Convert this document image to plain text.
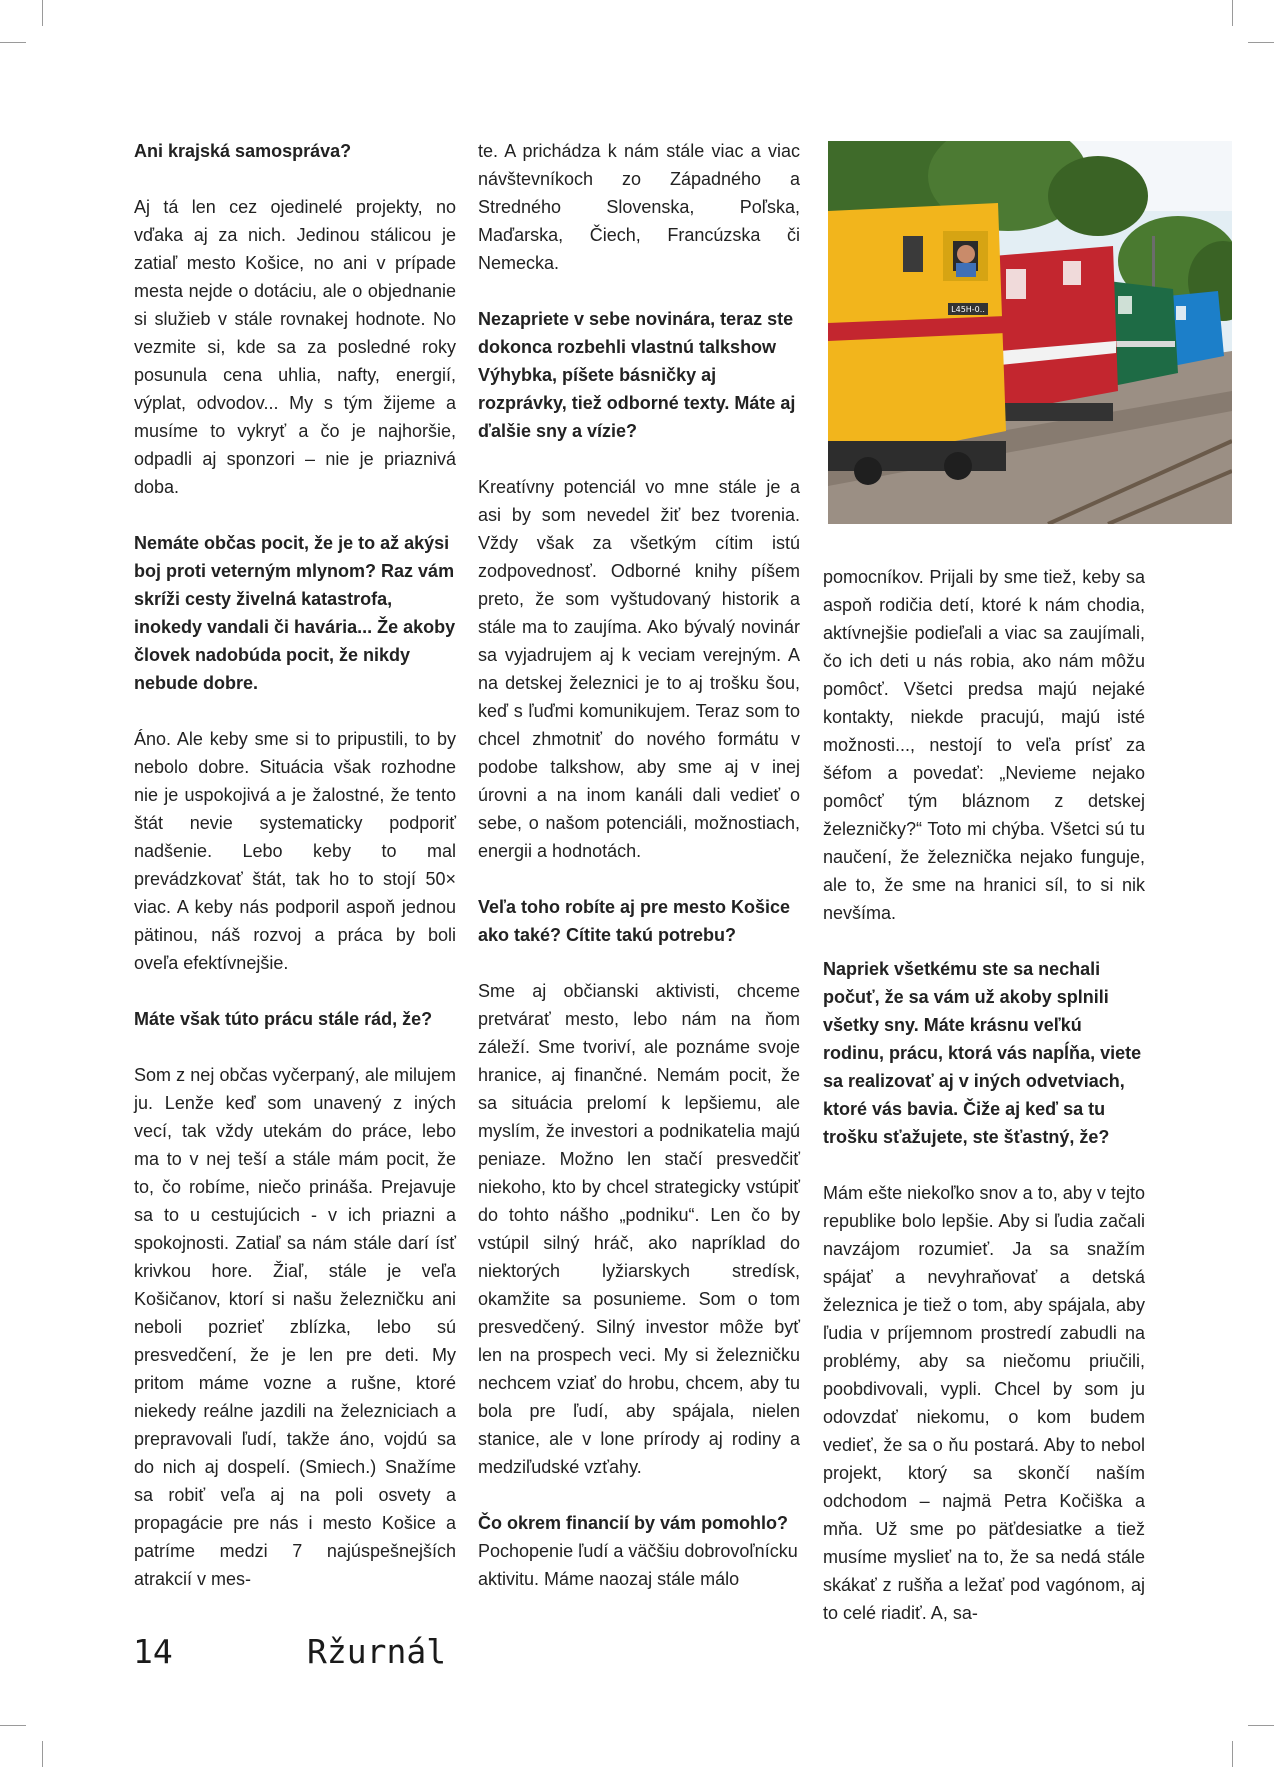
Ani krajská samospráva?

Aj tá len cez ojedinelé projekty, no vďaka aj za nich. Jedinou stálicou je zatiaľ mesto Košice, no ani v prípade mesta nejde o dotáciu, ale o objednanie si služieb v stále rovnakej hodnote. No vezmite si, kde sa za posledné roky posunula cena uhlia, nafty, energií, výplat, odvodov... My s tým žijeme a musíme to vykryť a čo je najhoršie, odpadli aj sponzori – nie je priaznivá doba.

Nemáte občas pocit, že je to až akýsi boj proti veterným mlynom? Raz vám skríži cesty živelná katastrofa, inokedy vandali či havária... Že akoby človek nadobúda pocit, že nikdy nebude dobre.

Áno. Ale keby sme si to pripustili, to by nebolo dobre. Situácia však rozhodne nie je uspokojivá a je žalostné, že tento štát nevie systematicky podporiť nadšenie. Lebo keby to mal prevádzkovať štát, tak ho to stojí 50× viac. A keby nás podporil aspoň jednou pätinou, náš rozvoj a práca by boli oveľa efektívnejšie.

Máte však túto prácu stále rád, že?

Som z nej občas vyčerpaný, ale milujem ju. Lenže keď som unavený z iných vecí, tak vždy utekám do práce, lebo ma to v nej teší a stále mám pocit, že to, čo robíme, niečo prináša. Prejavuje sa to u cestujúcich - v ich priazni a spokojnosti. Zatiaľ sa nám stále darí ísť krivkou hore. Žiaľ, stále je veľa Košičanov, ktorí si našu železničku ani neboli pozrieť zblízka, lebo sú presvedčení, že je len pre deti. My pritom máme vozne a rušne, ktoré niekedy reálne jazdili na železniciach a prepravovali ľudí, takže áno, vojdú sa do nich aj dospelí. (Smiech.) Snažíme sa robiť veľa aj na poli osvety a propagácie pre nás i mesto Košice a patríme medzi 7 najúspešnejších atrakcií v mes-

te. A prichádza k nám stále viac a viac návštevníkoch zo Západného a Stredného Slovenska, Poľska, Maďarska, Čiech, Francúzska či Nemecka.

Nezapriete v sebe novinára, teraz ste dokonca rozbehli vlastnú talkshow Výhybka, píšete básničky aj rozprávky, tiež odborné texty. Máte aj ďalšie sny a vízie?

Kreatívny potenciál vo mne stále je a asi by som nevedel žiť bez tvorenia. Vždy však za všetkým cítim istú zodpovednosť. Odborné knihy píšem preto, že som vyštudovaný historik a stále ma to zaujíma. Ako bývalý novinár sa vyjadrujem aj k veciam verejným. A na detskej železnici je to aj trošku šou, keď s ľuďmi komunikujem. Teraz som to chcel zhmotniť do nového formátu v podobe talkshow, aby sme aj v inej úrovni a na inom kanáli dali vedieť o sebe, o našom potenciáli, možnostiach, energii a hodnotách.

Veľa toho robíte aj pre mesto Košice ako také? Cítite takú potrebu?

Sme aj občianski aktivisti, chceme pretvárať mesto, lebo nám na ňom záleží. Sme tvoriví, ale poznáme svoje hranice, aj finančné. Nemám pocit, že sa situácia prelomí k lepšiemu, ale myslím, že investori a podnikatelia majú peniaze. Možno len stačí presvedčiť niekoho, kto by chcel strategicky vstúpiť do tohto nášho „podniku“. Len čo by vstúpil silný hráč, ako napríklad do niektorých lyžiarskych stredísk, okamžite sa posunieme. Som o tom presvedčený. Silný investor môže byť len na prospech veci. My si železničku nechcem vziať do hrobu, chcem, aby tu bola pre ľudí, aby spájala, nielen stanice, ale v lone prírody aj rodiny a medziľudské vzťahy.

Čo okrem financií by vám pomohlo? Pochopenie ľudí a väčšiu dobrovoľnícku aktivitu. Máme naozaj stále málo

L45H-0..

pomocníkov. Prijali by sme tiež, keby sa aspoň rodičia detí, ktoré k nám chodia, aktívnejšie podieľali a viac sa zaujímali, čo ich deti u nás robia, ako nám môžu pomôcť. Všetci predsa majú nejaké kontakty, niekde pracujú, majú isté možnosti..., nestojí to veľa prísť za šéfom a povedať: „Nevieme nejako pomôcť tým bláznom z detskej železničky?“ Toto mi chýba. Všetci sú tu naučení, že železnička nejako funguje, ale to, že sme na hranici síl, to si nik nevšíma.

Napriek všetkému ste sa nechali počuť, že sa vám už akoby splnili všetky sny. Máte krásnu veľkú rodinu, prácu, ktorá vás napĺňa, viete sa realizovať aj v iných odvetviach, ktoré vás bavia. Čiže aj keď sa tu trošku sťažujete, ste šťastný, že?

Mám ešte niekoľko snov a to, aby v tejto republike bolo lepšie. Aby si ľudia začali navzájom rozumieť. Ja sa snažím spájať a nevyhraňovať a detská železnica je tiež o tom, aby spájala, aby ľudia v príjemnom prostredí zabudli na problémy, aby sa niečomu priučili, poobdivovali, vypli. Chcel by som ju odovzdať niekomu, o kom budem vedieť, že sa o ňu postará. Aby to nebol projekt, ktorý sa skončí naším odchodom – najmä Petra Kočiška a mňa. Už sme po päťdesiatke a tiež musíme myslieť na to, že sa nedá stále skákať z rušňa a ležať pod vagónom, aj to celé riadiť. A, sa-

14	Ržurnál
